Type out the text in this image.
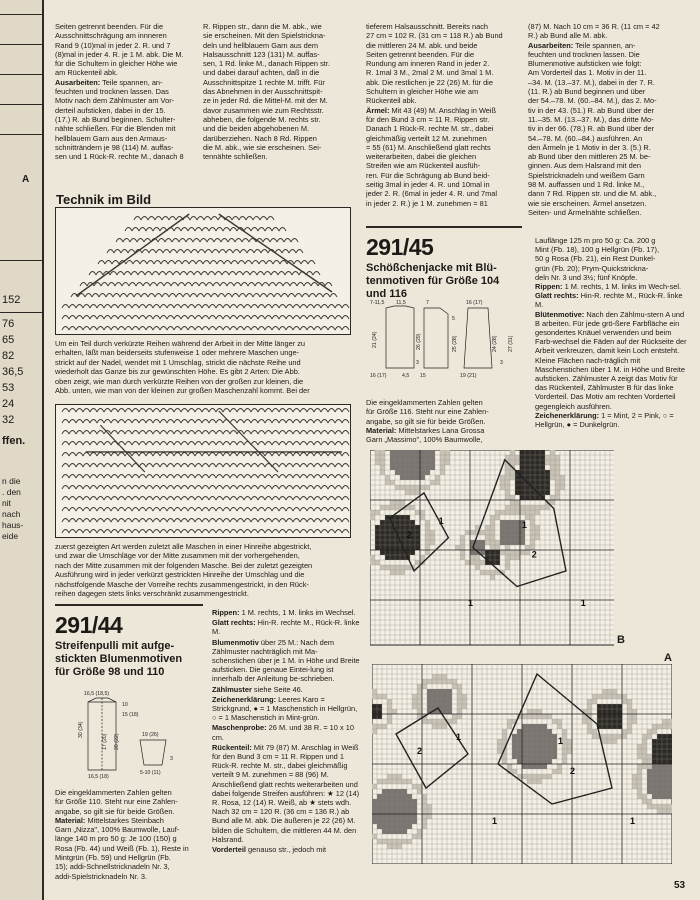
A
152
76
65
82
36,5
53
24
32
ffen.
n die
. den
nit
nach
haus-
eide
Seiten getrennt beenden. Für die
Ausschnittschrägung am innneren
Rand 9 (10)mal in jeder 2. R. und 7
(8)mal in jeder 4. R. je 1 M. abk. Die M.
für die Schultern in gleicher Höhe wie
am Rückenteil abk.
Ausarbeiten: Teile spannen, an-
feuchten und trocknen lassen. Das
Motiv nach dem Zählmuster am Vor-
derteil aufsticken, dabei in der 15.
(17.) R. ab Bund beginnen. Schulter-
nähte schließen. Für die Blenden mit
hellblauem Garn aus den Armaus-
schnitträndern je 98 (114) M. auffas-
sen und 1 Rück-R. rechte M., danach 8
R. Rippen str., dann die M. abk., wie
sie erscheinen. Mit den Spielstrickna-
deln und hellblauem Garn aus dem
Halsausschnitt 123 (131) M. auffas-
sen, 1 Rd. linke M., danach Rippen str.
und dabei darauf achten, daß in die
Ausschnittspitze 1 rechte M. trifft. Für
das Abnehmen in der Ausschnittspit-
ze in jeder Rd. die Mittel-M. mit der M.
davor zusammen wie zum Rechtsstr.
abheben, die folgende M. rechts str.
und die beiden abgehobenen M.
darüberziehen. Nach 8 Rd. Rippen
die M. abk., wie sie erscheinen. Sei-
tennähte schließen.
tieferem Halsausschnitt. Bereits nach
27 cm = 102 R. (31 cm = 118 R.) ab Bund
die mittleren 24 M. abk. und beide
Seiten getrennt beenden. Für die
Rundung am inneren Rand in jeder 2.
R. 1mal 3 M., 2mal 2 M. und 3mal 1 M.
abk. Die restlichen je 22 (26) M. für die
Schultern in gleicher Höhe wie am
Rückenteil abk.
Ärmel: Mit 43 (49) M. Anschlag in Weiß
für den Bund 3 cm = 11 R. Rippen str.
Danach 1 Rück-R. rechte M. str., dabei
gleichmäßig verteilt 12 M. zunehmen
= 55 (61) M. Anschließend glatt rechts
weiterarbeiten, dabei die gleichen
Streifen wie am Rückenteil ausfüh-
ren. Für die Schrägung ab Bund beid-
seitig 3mal in jeder 4. R. und 10mal in
jeder 2. R. (6mal in jeder 4. R. und 7mal
in jeder 2. R.) je 1 M. zunehmen = 81
(87) M. Nach 10 cm = 36 R. (11 cm = 42
R.) ab Bund alle M. abk.
Ausarbeiten: Teile spannen, an-
feuchten und trocknen lassen. Die
Blumenmotive aufsticken wie folgt:
Am Vorderteil das 1. Motiv in der 11.
–34. M. (13.–37. M.), dabei in der 7. R.
(11. R.) ab Bund beginnen und über
der 54.–78. M. (60.–84. M.), das 2. Mo-
tiv in der 43. (51.) R. ab Bund über der
11.–35. M. (13.–37. M.), das dritte Mo-
tiv in der 66. (78.) R. ab Bund über der
54.–78. M. (60.–84.) ausführen. An
den Ärmeln je 1 Motiv in der 3. (5.) R.
ab Bund über den mittleren 25 M. be-
ginnen. Aus dem Halsrand mit den
Spielstricknadeln und weißem Garn
98 M. auffassen und 1 Rd. linke M.,
dann 7 Rd. Rippen str. und die M. abk.,
wie sie erscheinen. Ärmel ansetzen.
Seiten- und Ärmelnähte schließen.
Technik im Bild
Um ein Teil durch verkürzte Reihen während der Arbeit in der Mitte länger zu
erhalten, läßt man beiderseits stufenweise 1 oder mehrere Maschen unge-
strickt auf der Nadel, wendet mit 1 Umschlag, strickt die nächste Reihe und
wiederholt das Ganze bis zur gewünschten Höhe. Es gibt 2 Arten: Die Abb.
oben zeigt, wie man durch verkürzte Reihen von der großen zur kleinen, die
Abb. unten, wie man von der kleinen zur großen Maschenzahl kommt. Bei der
zuerst gezeigten Art werden zuletzt alle Maschen in einer Hinreihe abgestrickt,
und zwar die Umschläge vor der Mitte zusammen mit der vorhergehenden,
nach der Mitte zusammen mit der folgenden Masche. Bei der zuletzt gezeigten
Ausführung wird in jeder verkürzt gestrickten Hinreihe der Umschlag und die
nächstfolgende Masche der Vorreihe rechts zusammengestrickt, in den Rück-
reihen dagegen stets links verschränkt zusammengestrickt.
291/44
Streifenpulli mit aufge-
stickten Blumenmotiven
für Größe 98 und 110
16,5 (18,5)
10
15 (18)
30 (34)
17 (20) 20 (22)
16,5 (18)
5-10 (11)
19 (26)
3
Die eingeklammerten Zahlen gelten
für Größe 110. Steht nur eine Zahlen-
angabe, so gilt sie für beide Größen.
Material: Mittelstarkes Steinbach
Garn „Nizza", 100% Baumwolle, Lauf-
länge 140 m pro 50 g: Je 100 (150) g
Rosa (Fb. 44) und Weiß (Fb. 1), Reste in
Mintgrün (Fb. 59) und Hellgrün (Fb.
15); addi-Schnellstricknadeln Nr. 3,
addi-Spielstricknadeln Nr. 3.
Rippen: 1 M. rechts, 1 M. links im Wechsel.
Glatt rechts: Hin-R. rechte M., Rück-R. linke M.
Blumenmotiv über 25 M.: Nach dem Zählmuster nachträglich mit Ma-schenstichen über je 1 M. in Höhe und Breite aufsticken. Die genaue Eintei-lung ist innerhalb der Anleitung be-schrieben.
Zählmuster siehe Seite 46.
Zeichenerklärung: Leeres Karo = Strickgrund, ● = 1 Maschenstich in Hellgrün, ○ = 1 Maschenstich in Mint-grün.
Maschenprobe: 26 M. und 38 R. = 10 x 10 cm.
Rückenteil: Mit 79 (87) M. Anschlag in Weiß für den Bund 3 cm = 11 R. Rippen und 1 Rück-R. rechte M. str., dabei gleichmäßig verteilt 9 M. zunehmen = 88 (96) M. Anschließend glatt rechts weiterarbeiten und dabei folgende Streifen ausführen: ★ 12 (14) R. Rosa, 12 (14) R. Weiß, ab ★ stets wdh. Nach 32 cm = 120 R. (36 cm = 136 R.) ab Bund alle M. abk. Die äußeren je 22 (26) M. bilden die Schultern, die mittleren 44 M. den Halsrand.
Vorderteil genauso str., jedoch mit
291/45
Schößchenjacke mit Blü-
tenmotiven für Größe 104
und 116
7-11,5 11,5	7	16 (17)
5
21 (24)	26 (29)
3
16 (17)	4,5 15	19 (21)
25 (28)	24 (28)
3
27 (31)
Die eingeklammerten Zahlen gelten
für Größe 116. Steht nur eine Zahlen-
angabe, so gilt sie für beide Größen.
Material: Mittelstarkes Lana Grossa
Garn „Massimo", 100% Baumwolle,
Lauflänge 125 m pro 50 g: Ca. 200 g
Mint (Fb. 18), 100 g Hellgrün (Fb. 17),
50 g Rosa (Fb. 21), ein Rest Dunkel-
grün (Fb. 20); Prym-Quickstrickna-
deln Nr. 3 und 3½; fünf Knöpfe.
Rippen: 1 M. rechts, 1 M. links im Wech-sel.
Glatt rechts: Hin-R. rechte M., Rück-R. linke M.
Blütenmotive: Nach den Zählmu-stern A und B arbeiten. Für jede grö-ßere Farbfläche ein gesondertes Knäuel verwenden und beim Farb-wechsel die Fäden auf der Rückseite der Arbeit verkreuzen, damit kein Loch entsteht. Kleine Flächen nach-träglich mit Maschenstichen über 1 M. in Höhe und Breite aufsticken. Zählmuster A zeigt das Motiv für das Rückenteil, Zählmuster B für das linke Vorderteil. Das Motiv am rechten Vorderteil gegengleich ausführen.
Zeichenerklärung: 1 = Mint, 2 = Pink, ○ = Hellgrün, ● = Dunkelgrün.
1	1
2
2
1
1
B
A
1	1
2
2
1
1
53
